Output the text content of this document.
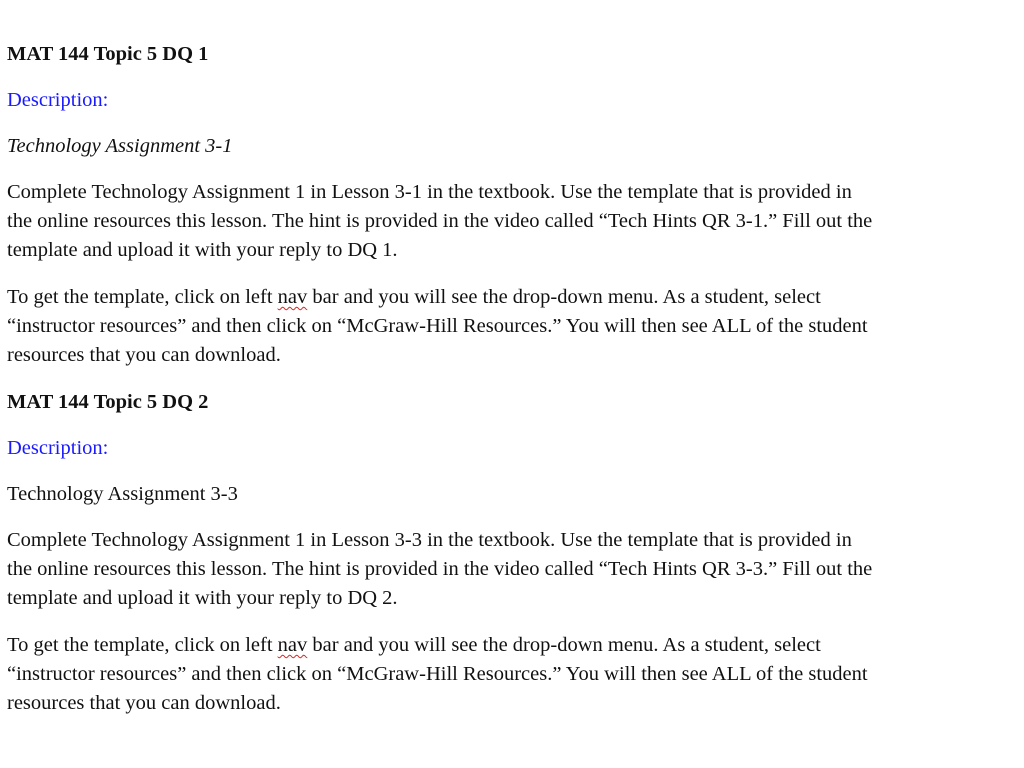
MAT 144 Topic 5 DQ 1
Description:
Technology Assignment 3-1
Complete Technology Assignment 1 in Lesson 3-1 in the textbook. Use the template that is provided in
the online resources this lesson. The hint is provided in the video called “Tech Hints QR 3-1.” Fill out the
template and upload it with your reply to DQ 1.
To get the template, click on left nav bar and you will see the drop-down menu. As a student, select
“instructor resources” and then click on “McGraw-Hill Resources.” You will then see ALL of the student
resources that you can download.
MAT 144 Topic 5 DQ 2
Description:
Technology Assignment 3-3
Complete Technology Assignment 1 in Lesson 3-3 in the textbook. Use the template that is provided in
the online resources this lesson. The hint is provided in the video called “Tech Hints QR 3-3.” Fill out the
template and upload it with your reply to DQ 2.
To get the template, click on left nav bar and you will see the drop-down menu. As a student, select
“instructor resources” and then click on “McGraw-Hill Resources.” You will then see ALL of the student
resources that you can download.
